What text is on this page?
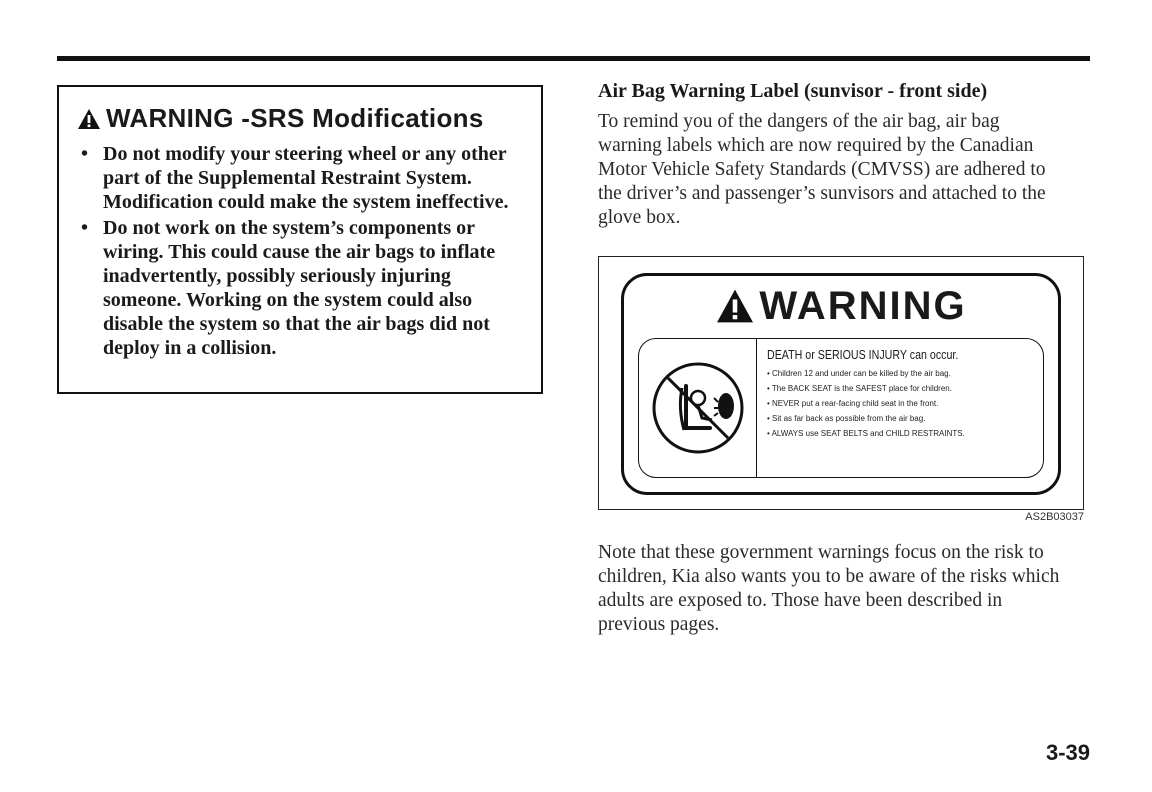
WARNING -SRS Modifications
• Do not modify your steering wheel or any other part of the Supplemental Restraint System. Modification could make the system ineffective.
• Do not work on the system’s components or wiring. This could cause the air bags to inflate inadvertently, possibly seriously injuring someone. Working on the system could also disable the system so that the air bags did not deploy in a collision.
Air Bag Warning Label (sunvisor - front side)

To remind you of the dangers of the air bag, air bag warning labels which are now required by the Canadian Motor Vehicle Safety Standards (CMVSS) are adhered to the driver’s and passenger’s sunvisors and attached to the glove box.

WARNING
DEATH or SERIOUS INJURY can occur.
• Children 12 and under can be killed by the air bag.
• The BACK SEAT is the SAFEST place for children.
• NEVER put a rear-facing child seat in the front.
• Sit as far back as possible from the air bag.
• ALWAYS use SEAT BELTS and CHILD RESTRAINTS.
AS2B03037

Note that these government warnings focus on the risk to children, Kia also wants you to be aware of the risks which adults are exposed to. Those have been described in previous pages.

3-39
